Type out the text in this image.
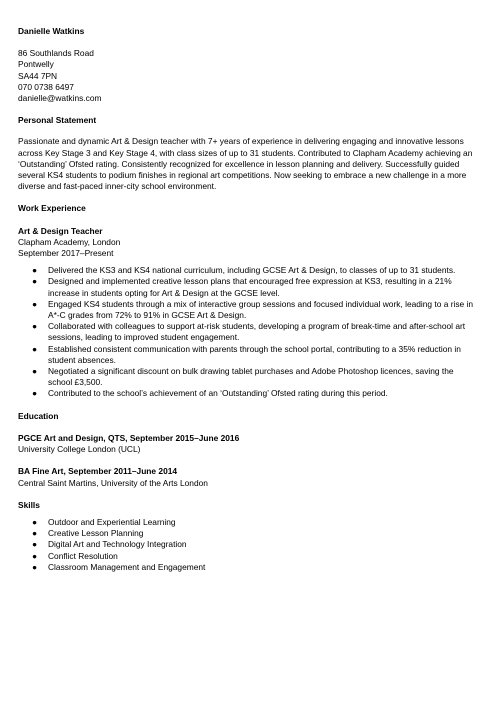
Danielle Watkins
86 Southlands Road
Pontwelly
SA44 7PN
070 0738 6497
danielle@watkins.com
Personal Statement
Passionate and dynamic Art & Design teacher with 7+ years of experience in delivering engaging and innovative lessons across Key Stage 3 and Key Stage 4, with class sizes of up to 31 students. Contributed to Clapham Academy achieving an ‘Outstanding’ Ofsted rating. Consistently recognized for excellence in lesson planning and delivery. Successfully guided several KS4 students to podium finishes in regional art competitions. Now seeking to embrace a new challenge in a more diverse and fast-paced inner-city school environment.
Work Experience
Art & Design Teacher
Clapham Academy, London
September 2017–Present
● Delivered the KS3 and KS4 national curriculum, including GCSE Art & Design, to classes of up to 31 students.
● Designed and implemented creative lesson plans that encouraged free expression at KS3, resulting in a 21% increase in students opting for Art & Design at the GCSE level.
● Engaged KS4 students through a mix of interactive group sessions and focused individual work, leading to a rise in A*-C grades from 72% to 91% in GCSE Art & Design.
● Collaborated with colleagues to support at-risk students, developing a program of break-time and after-school art sessions, leading to improved student engagement.
● Established consistent communication with parents through the school portal, contributing to a 35% reduction in student absences.
● Negotiated a significant discount on bulk drawing tablet purchases and Adobe Photoshop licences, saving the school £3,500.
● Contributed to the school’s achievement of an ‘Outstanding’ Ofsted rating during this period.
Education
PGCE Art and Design, QTS, September 2015–June 2016
University College London (UCL)
BA Fine Art, September 2011–June 2014
Central Saint Martins, University of the Arts London
Skills
● Outdoor and Experiential Learning
● Creative Lesson Planning
● Digital Art and Technology Integration
● Conflict Resolution
● Classroom Management and Engagement
